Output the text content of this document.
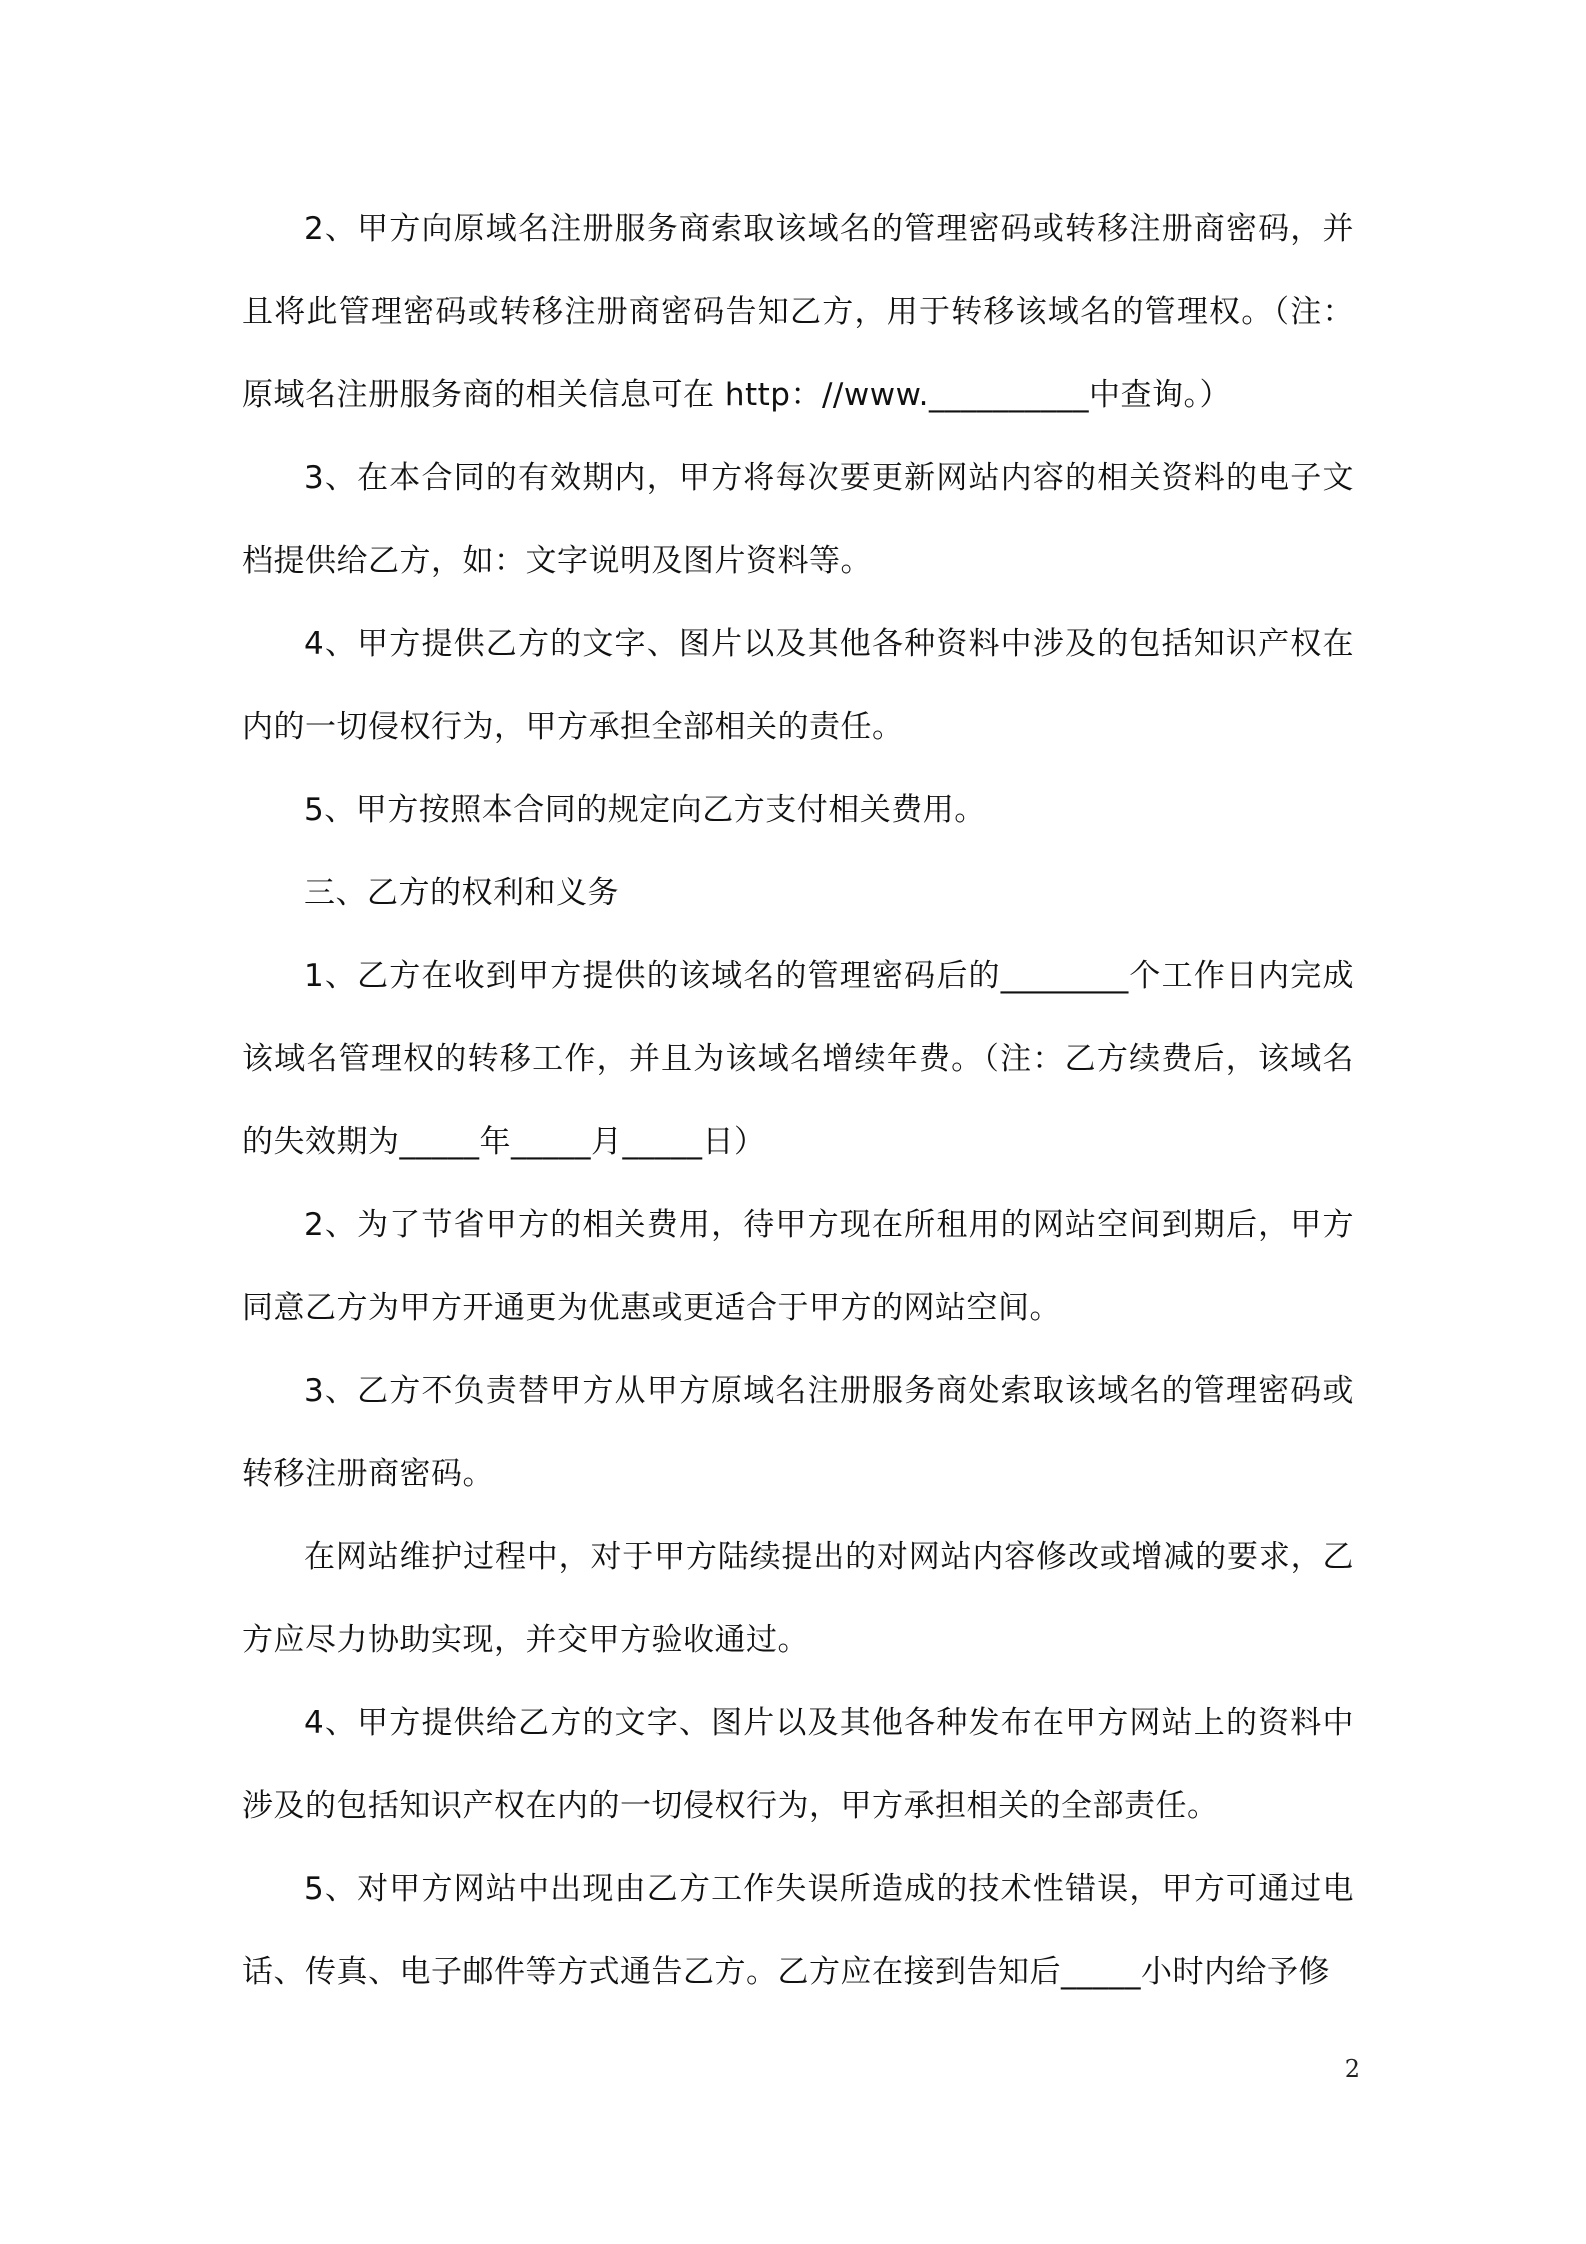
2、甲方向原域名注册服务商索取该域名的管理密码或转移注册商密码，并且将此管理密码或转移注册商密码告知乙方，用于转移该域名的管理权。（注：原域名注册服务商的相关信息可在 http：//www.__________中查询。）

3、在本合同的有效期内，甲方将每次要更新网站内容的相关资料的电子文档提供给乙方，如：文字说明及图片资料等。

4、甲方提供乙方的文字、图片以及其他各种资料中涉及的包括知识产权在内的一切侵权行为，甲方承担全部相关的责任。

5、甲方按照本合同的规定向乙方支付相关费用。

三、乙方的权利和义务

1、乙方在收到甲方提供的该域名的管理密码后的________个工作日内完成该域名管理权的转移工作，并且为该域名增续年费。（注：乙方续费后，该域名的失效期为_____年_____月_____日）

2、为了节省甲方的相关费用，待甲方现在所租用的网站空间到期后，甲方同意乙方为甲方开通更为优惠或更适合于甲方的网站空间。

3、乙方不负责替甲方从甲方原域名注册服务商处索取该域名的管理密码或转移注册商密码。

在网站维护过程中，对于甲方陆续提出的对网站内容修改或增减的要求，乙方应尽力协助实现，并交甲方验收通过。

4、甲方提供给乙方的文字、图片以及其他各种发布在甲方网站上的资料中涉及的包括知识产权在内的一切侵权行为，甲方承担相关的全部责任。

5、对甲方网站中出现由乙方工作失误所造成的技术性错误，甲方可通过电话、传真、电子邮件等方式通告乙方。乙方应在接到告知后_____小时内给予修

2
